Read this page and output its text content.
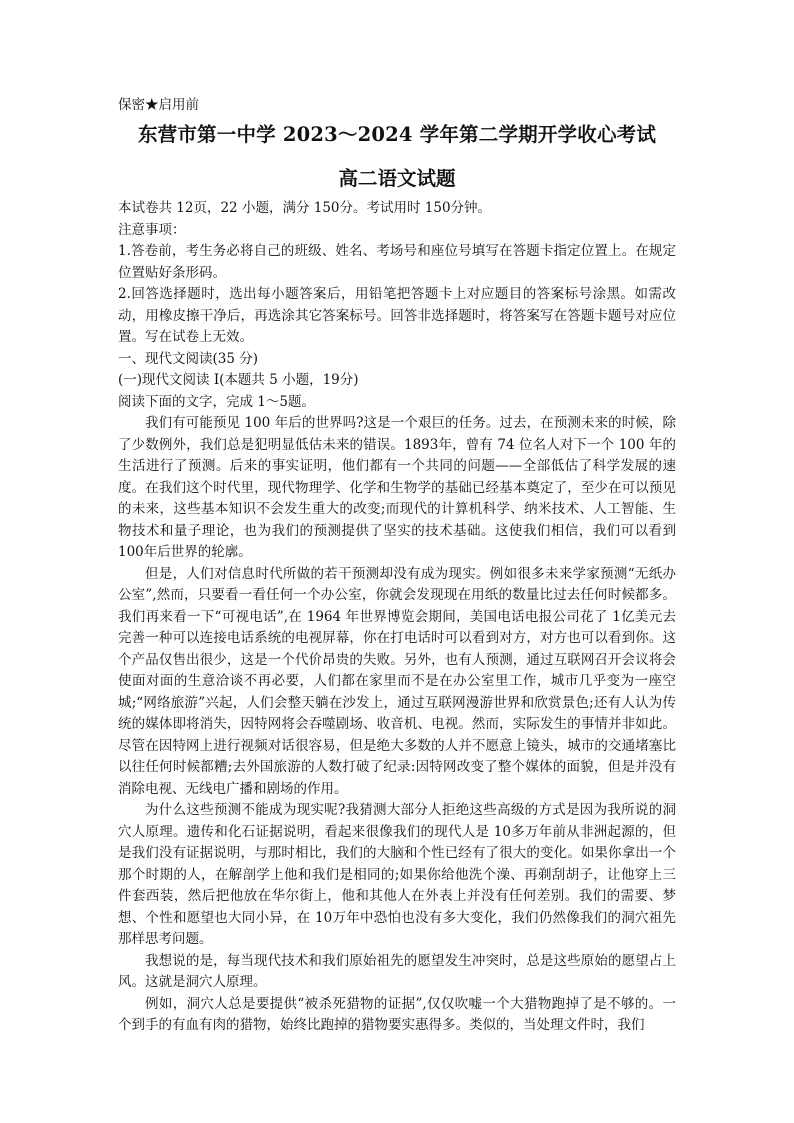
保密★启用前
东营市第一中学 2023～2024 学年第二学期开学收心考试
高二语文试题

本试卷共 12页，22 小题，满分 150分。考试用时 150分钟。

注意事项：

1.答卷前，考生务必将自己的班级、姓名、考场号和座位号填写在答题卡指定位置上。在规定位置贴好条形码。

2.回答选择题时，选出每小题答案后，用铅笔把答题卡上对应题目的答案标号涂黑。如需改动，用橡皮擦干净后，再选涂其它答案标号。回答非选择题时，将答案写在答题卡题号对应位置。写在试卷上无效。

一、现代文阅读(35 分)

(一)现代文阅读 I(本题共 5 小题，19分)

阅读下面的文字，完成 1～5题。

我们有可能预见 100 年后的世界吗?这是一个艰巨的任务。过去，在预测未来的时候，除了少数例外，我们总是犯明显低估未来的错误。1893年，曾有 74 位名人对下一个 100 年的生活进行了预测。后来的事实证明，他们都有一个共同的问题——全部低估了科学发展的速度。在我们这个时代里，现代物理学、化学和生物学的基础已经基本奠定了，至少在可以预见的未来，这些基本知识不会发生重大的改变;而现代的计算机科学、纳米技术、人工智能、生物技术和量子理论，也为我们的预测提供了坚实的技术基础。这使我们相信，我们可以看到 100年后世界的轮廓。

但是，人们对信息时代所做的若干预测却没有成为现实。例如很多未来学家预测“无纸办公室”,然而，只要看一看任何一个办公室，你就会发现现在用纸的数量比过去任何时候都多。我们再来看一下“可视电话”,在 1964 年世界博览会期间，美国电话电报公司花了 1亿美元去完善一种可以连接电话系统的电视屏幕，你在打电话时可以看到对方，对方也可以看到你。这个产品仅售出很少，这是一个代价昂贵的失败。另外，也有人预测，通过互联网召开会议将会使面对面的生意洽谈不再必要，人们都在家里而不是在办公室里工作，城市几乎变为一座空城;“网络旅游”兴起，人们会整天躺在沙发上，通过互联网漫游世界和欣赏景色;还有人认为传统的媒体即将消失，因特网将会吞噬剧场、收音机、电视。然而，实际发生的事情并非如此。尽管在因特网上进行视频对话很容易，但是绝大多数的人并不愿意上镜头，城市的交通堵塞比以往任何时候都糟;去外国旅游的人数打破了纪录:因特网改变了整个媒体的面貌，但是并没有消除电视、无线电广播和剧场的作用。

为什么这些预测不能成为现实呢?我猜测大部分人拒绝这些高级的方式是因为我所说的洞穴人原理。遗传和化石证据说明，看起来很像我们的现代人是 10多万年前从非洲起源的，但是我们没有证据说明，与那时相比，我们的大脑和个性已经有了很大的变化。如果你拿出一个那个时期的人，在解剖学上他和我们是相同的;如果你给他洗个澡、再剃刮胡子，让他穿上三件套西装，然后把他放在华尔街上，他和其他人在外表上并没有任何差别。我们的需要、梦想、个性和愿望也大同小异，在 10万年中恐怕也没有多大变化，我们仍然像我们的洞穴祖先那样思考问题。

我想说的是，每当现代技术和我们原始祖先的愿望发生冲突时，总是这些原始的愿望占上风。这就是洞穴人原理。

例如，洞穴人总是要提供“被杀死猎物的证据”,仅仅吹嘘一个大猎物跑掉了是不够的。一个到手的有血有肉的猎物，始终比跑掉的猎物要实惠得多。类似的，当处理文件时，我们
